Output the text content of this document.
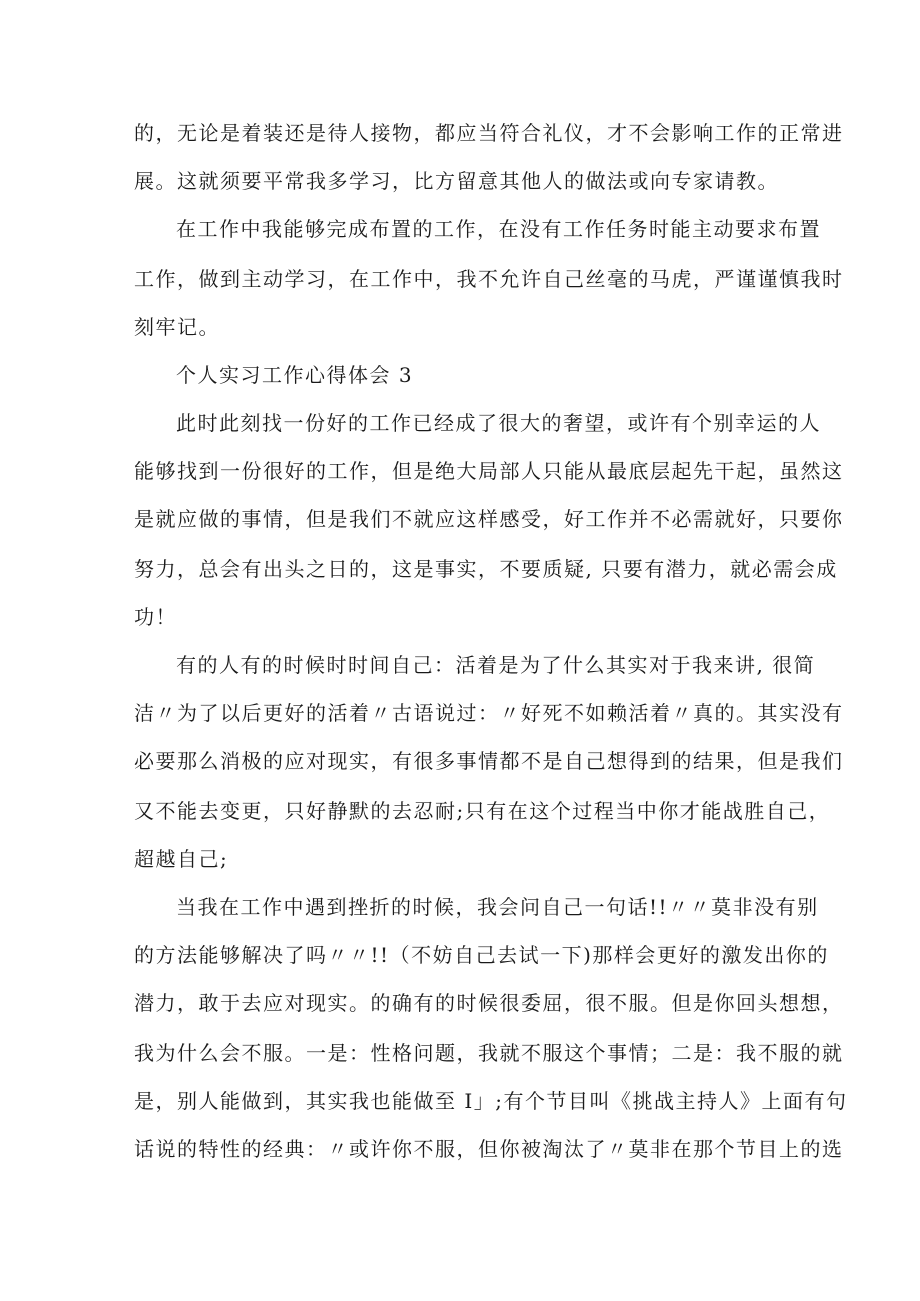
的，无论是着装还是待人接物，都应当符合礼仪，才不会影响工作的正常进
展。这就须要平常我多学习，比方留意其他人的做法或向专家请教。
在工作中我能够完成布置的工作，在没有工作任务时能主动要求布置
工作，做到主动学习，在工作中，我不允许自己丝毫的马虎，严谨谨慎我时
刻牢记。
个人实习工作心得体会 3
此时此刻找一份好的工作已经成了很大的奢望，或许有个别幸运的人
能够找到一份很好的工作，但是绝大局部人只能从最底层起先干起，虽然这
是就应做的事情，但是我们不就应这样感受，好工作并不必需就好，只要你
努力，总会有出头之日的，这是事实，不要质疑, 只要有潜力，就必需会成
功！
有的人有的时候时时间自己：活着是为了什么其实对于我来讲, 很简
洁〃为了以后更好的活着〃古语说过：〃好死不如赖活着〃真的。其实没有
必要那么消极的应对现实，有很多事情都不是自己想得到的结果，但是我们
又不能去变更，只好静默的去忍耐;只有在这个过程当中你才能战胜自己，
超越自己;
当我在工作中遇到挫折的时候，我会问自己一句话!!〃〃莫非没有别
的方法能够解决了吗〃〃!!（不妨自己去试一下)那样会更好的激发出你的
潜力，敢于去应对现实。的确有的时候很委屈，很不服。但是你回头想想，
我为什么会不服。一是：性格问题，我就不服这个事情；二是：我不服的就
是，别人能做到，其实我也能做至 I」;有个节目叫《挑战主持人》上面有句
话说的特性的经典：〃或许你不服，但你被淘汰了〃莫非在那个节目上的选
